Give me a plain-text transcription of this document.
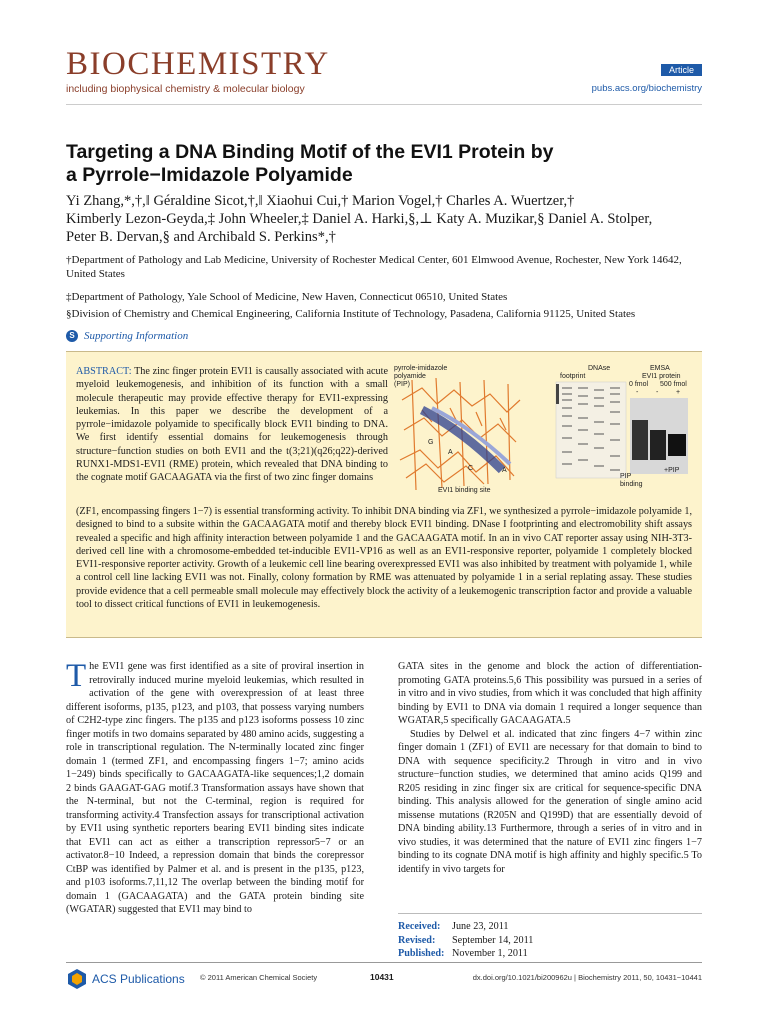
BIOCHEMISTRY
including biophysical chemistry & molecular biology
Article
pubs.acs.org/biochemistry
Targeting a DNA Binding Motif of the EVI1 Protein by
a Pyrrole−Imidazole Polyamide
Yi Zhang,*,†,‖ Géraldine Sicot,†,‖ Xiaohui Cui,† Marion Vogel,† Charles A. Wuertzer,†
Kimberly Lezon-Geyda,‡ John Wheeler,‡ Daniel A. Harki,§,⊥ Katy A. Muzikar,§ Daniel A. Stolper,
Peter B. Dervan,§ and Archibald S. Perkins*,†
†Department of Pathology and Lab Medicine, University of Rochester Medical Center, 601 Elmwood Avenue, Rochester, New York 14642, United States
‡Department of Pathology, Yale School of Medicine, New Haven, Connecticut 06510, United States
§Division of Chemistry and Chemical Engineering, California Institute of Technology, Pasadena, California 91125, United States
S Supporting Information
ABSTRACT: The zinc finger protein EVI1 is causally associated with acute myeloid leukemogenesis, and inhibition of its function with a small molecule therapeutic may provide effective therapy for EVI1-expressing leukemias. In this paper we describe the development of a pyrrole−imidazole polyamide to specifically block EVI1 binding to DNA. We first identify essential domains for leukemogenesis through structure−function studies on both EVI1 and the t(3;21)(q26;q22)-derived RUNX1-MDS1-EVI1 (RME) protein, which revealed that DNA binding to the cognate motif GACAAGATA via the first of two zinc finger domains
pyrrole-imidazole
polyamide
(PIP)
G
A
C	A
EVI1 binding site
DNAse
footprint
EMSA
EVI1 protein
0 fmol 500 fmol
-	-	+
+PIP
PIP
binding
(ZF1, encompassing fingers 1−7) is essential transforming activity. To inhibit DNA binding via ZF1, we synthesized a pyrrole−imidazole polyamide 1, designed to bind to a subsite within the GACAAGATA motif and thereby block EVI1 binding. DNase I footprinting and electromobility shift assays revealed a specific and high affinity interaction between polyamide 1 and the GACAAGATA motif. In an in vivo CAT reporter assay using NIH-3T3-derived cell line with a chromosome-embedded tet-inducible EVI1-VP16 as well as an EVI1-responsive reporter, polyamide 1 completely blocked EVI1-responsive reporter activity. Growth of a leukemic cell line bearing overexpressed EVI1 was also inhibited by treatment with polyamide 1, while a control cell line lacking EVI1 was not. Finally, colony formation by RME was attenuated by polyamide 1 in a serial replating assay. These studies provide evidence that a cell permeable small molecule may effectively block the activity of a leukemogenic transcription factor and provide a valuable tool to dissect critical functions of EVI1 in leukemogenesis.
T he EVI1 gene was first identified as a site of proviral insertion in retrovirally induced murine myeloid leukemias, which resulted in activation of the gene with overexpression of at least three different isoforms, p135, p123, and p103, that possess varying numbers of C2H2-type zinc fingers. The p135 and p123 isoforms possess 10 zinc finger motifs in two domains separated by 480 amino acids, suggesting a role in transcriptional regulation. The N-terminally located zinc finger domain 1 (termed ZF1, and encompassing fingers 1−7; amino acids 1−249) binds specifically to GACAAGATA-like sequences;1,2 domain 2 binds GAAGAT-GAG motif.3 Transformation assays have shown that the N-terminal, but not the C-terminal, region is required for transforming activity.4 Transfection assays for transcriptional activation by EVI1 using synthetic reporters bearing EVI1 binding sites indicate that EVI1 can act as either a transcription repressor5−7 or an activator.8−10 Indeed, a repression domain that binds the corepressor CtBP was identified by Palmer et al. and is present in the p135, p123, and p103 isoforms.7,11,12 The overlap between the binding motif for domain 1 (GACAAGATA) and the GATA protein binding site (WGATAR) suggested that EVI1 may bind to

GATA sites in the genome and block the action of differentiation-promoting GATA proteins.5,6 This possibility was pursued in a series of in vitro and in vivo studies, from which it was concluded that high affinity binding by EVI1 to DNA via domain 1 required a longer sequence than WGATAR,5 specifically GACAAGATA.5

Studies by Delwel et al. indicated that zinc fingers 4−7 within zinc finger domain 1 (ZF1) of EVI1 are necessary for that domain to bind to DNA with sequence specificity.2 Through in vitro and in vivo structure−function studies, we determined that amino acids Q199 and R205 residing in zinc finger six are critical for sequence-specific DNA binding. This analysis allowed for the generation of single amino acid missense mutations (R205N and Q199D) that are essentially devoid of DNA binding ability.13 Furthermore, through a series of in vitro and in vivo studies, it was determined that the nature of EVI1 zinc fingers 1−7 binding to its cognate DNA motif is high affinity and highly specific.5 To identify in vivo targets for

Received:	June 23, 2011
Revised:	September 14, 2011
Published: November 1, 2011
ACS Publications © 2011 American Chemical Society	10431	dx.doi.org/10.1021/bi200962u | Biochemistry 2011, 50, 10431−10441
